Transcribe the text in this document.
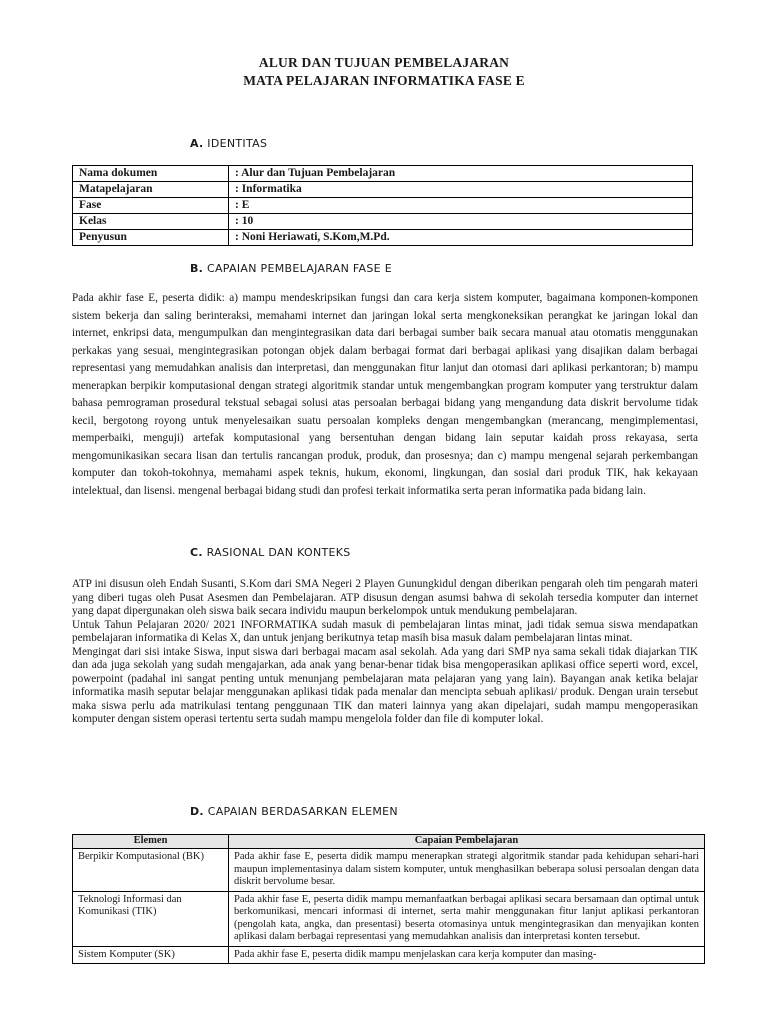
ALUR DAN TUJUAN PEMBELAJARAN
MATA PELAJARAN INFORMATIKA FASE E
A. IDENTITAS
Nama dokumen	: Alur dan Tujuan Pembelajaran
Matapelajaran	: Informatika
Fase	: E
Kelas	: 10
Penyusun	: Noni Heriawati, S.Kom,M.Pd.
B. CAPAIAN PEMBELAJARAN FASE E
Pada akhir fase E, peserta didik: a) mampu mendeskripsikan fungsi dan cara kerja sistem komputer, bagaimana komponen-komponen sistem bekerja dan saling berinteraksi, memahami internet dan jaringan lokal serta mengkoneksikan perangkat ke jaringan lokal dan internet, enkripsi data, mengumpulkan dan mengintegrasikan data dari berbagai sumber baik secara manual atau otomatis menggunakan perkakas yang sesuai, mengintegrasikan potongan objek dalam berbagai format dari berbagai aplikasi yang disajikan dalam berbagai representasi yang memudahkan analisis dan interpretasi, dan menggunakan fitur lanjut dan otomasi dari aplikasi perkantoran; b) mampu menerapkan berpikir komputasional dengan strategi algoritmik standar untuk mengembangkan program komputer yang terstruktur dalam bahasa pemrograman prosedural tekstual sebagai solusi atas persoalan berbagai bidang yang mengandung data diskrit bervolume tidak kecil, bergotong royong untuk menyelesaikan suatu persoalan kompleks dengan mengembangkan (merancang, mengimplementasi, memperbaiki, menguji) artefak komputasional yang bersentuhan dengan bidang lain seputar kaidah pross rekayasa, serta mengomunikasikan secara lisan dan tertulis rancangan produk, produk, dan prosesnya; dan c) mampu mengenal sejarah perkembangan komputer dan tokoh-tokohnya, memahami aspek teknis, hukum, ekonomi, lingkungan, dan sosial dari produk TIK, hak kekayaan intelektual, dan lisensi. mengenal berbagai bidang studi dan profesi terkait informatika serta peran informatika pada bidang lain.
C. RASIONAL DAN KONTEKS

ATP ini disusun oleh Endah Susanti, S.Kom dari SMA Negeri 2 Playen Gunungkidul dengan diberikan pengarah oleh tim pengarah materi yang diberi tugas oleh Pusat Asesmen dan Pembelajaran. ATP disusun dengan asumsi bahwa di sekolah tersedia komputer dan internet yang dapat dipergunakan oleh siswa baik secara individu maupun berkelompok untuk mendukung pembelajaran.

Untuk Tahun Pelajaran 2020/ 2021 INFORMATIKA sudah masuk di pembelajaran lintas minat, jadi tidak semua siswa mendapatkan pembelajaran informatika di Kelas X, dan untuk jenjang berikutnya tetap masih bisa masuk dalam pembelajaran lintas minat.

Mengingat dari sisi intake Siswa, input siswa dari berbagai macam asal sekolah. Ada yang dari SMP nya sama sekali tidak diajarkan TIK dan ada juga sekolah yang sudah mengajarkan, ada anak yang benar-benar tidak bisa mengoperasikan aplikasi office seperti word, excel, powerpoint (padahal ini sangat penting untuk menunjang pembelajaran mata pelajaran yang yang lain). Bayangan anak ketika belajar informatika masih seputar belajar menggunakan aplikasi tidak pada menalar dan mencipta sebuah aplikasi/ produk. Dengan urain tersebut maka siswa perlu ada matrikulasi tentang penggunaan TIK dan materi lainnya yang akan dipelajari, sudah mampu mengoperasikan komputer dengan sistem operasi tertentu serta sudah mampu mengelola folder dan file di komputer lokal.

D. CAPAIAN BERDASARKAN ELEMEN
Elemen	Capaian Pembelajaran
Berpikir Komputasional (BK)	Pada akhir fase E, peserta didik mampu menerapkan strategi algoritmik standar pada kehidupan sehari-hari maupun implementasinya dalam sistem komputer, untuk menghasilkan beberapa solusi persoalan dengan data diskrit bervolume besar.
Teknologi Informasi dan Komunikasi (TIK)	Pada akhir fase E, peserta didik mampu memanfaatkan berbagai aplikasi secara bersamaan dan optimal untuk berkomunikasi, mencari informasi di internet, serta mahir menggunakan fitur lanjut aplikasi perkantoran (pengolah kata, angka, dan presentasi) beserta otomasinya untuk mengintegrasikan dan menyajikan konten aplikasi dalam berbagai representasi yang memudahkan analisis dan interpretasi konten tersebut.
Sistem Komputer (SK)	Pada akhir fase E, peserta didik mampu menjelaskan cara kerja komputer dan masing-
